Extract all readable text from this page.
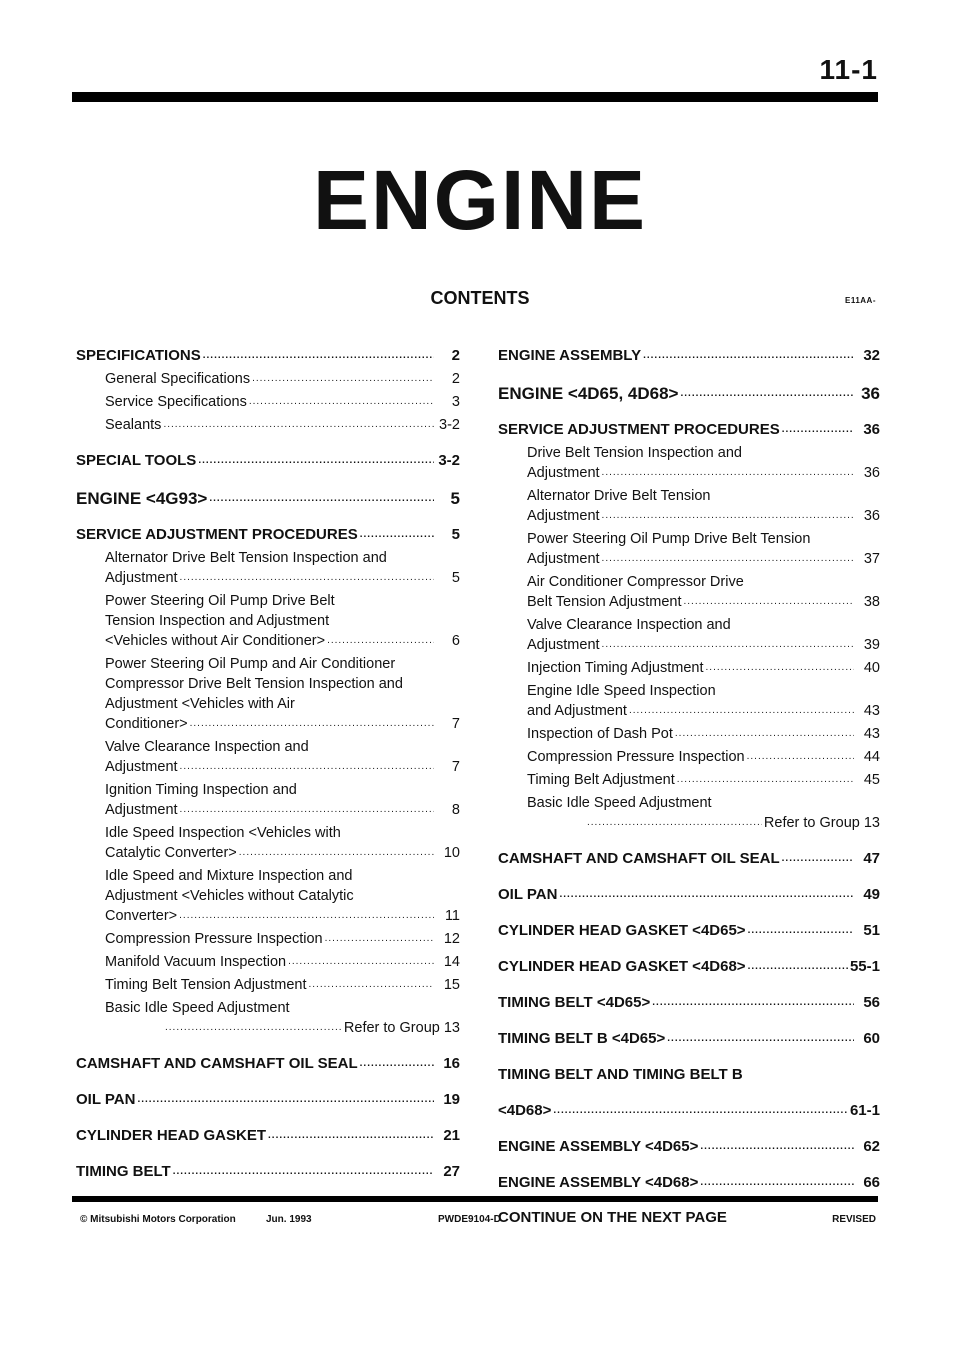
11-1
ENGINE
CONTENTS	E11AA-
SPECIFICATIONS .....	2
General Specifications .....	2
Service Specifications .....	3
Sealants .....	3-2
SPECIAL TOOLS .....	3-2
ENGINE <4G93> .....	5
SERVICE ADJUSTMENT PROCEDURES .....	5
Alternator Drive Belt Tension Inspection and
Adjustment .....	5
Power Steering Oil Pump Drive Belt
Tension Inspection and Adjustment
<Vehicles without Air Conditioner> .....	6
Power Steering Oil Pump and Air Conditioner
Compressor Drive Belt Tension Inspection and
Adjustment <Vehicles with Air
Conditioner> .....	7
Valve Clearance Inspection and
Adjustment .....	7
Ignition Timing Inspection and
Adjustment .....	8
Idle Speed Inspection <Vehicles with
Catalytic Converter> .....	10
Idle Speed and Mixture Inspection and
Adjustment <Vehicles without Catalytic
Converter> .....	11
Compression Pressure Inspection .....	12
Manifold Vacuum Inspection .....	14
Timing Belt Tension Adjustment .....	15
Basic Idle Speed Adjustment
.....
Refer to Group 13
CAMSHAFT AND CAMSHAFT OIL SEAL .....	16
OIL PAN .....	19
CYLINDER HEAD GASKET .....	21
TIMING BELT .....	27
ENGINE ASSEMBLY .....	32
ENGINE <4D65, 4D68> .....	36
SERVICE ADJUSTMENT PROCEDURES .....	36
Drive Belt Tension Inspection and
Adjustment .....	36
Alternator Drive Belt Tension
Adjustment .....	36
Power Steering Oil Pump Drive Belt Tension
Adjustment .....	37
Air Conditioner Compressor Drive
Belt Tension Adjustment .....	38
Valve Clearance Inspection and
Adjustment .....	39
Injection Timing Adjustment .....	40
Engine Idle Speed Inspection
and Adjustment .....	43
Inspection of Dash Pot .....	43
Compression Pressure Inspection .....	44
Timing Belt Adjustment .....	45
Basic Idle Speed Adjustment
.....
Refer to Group 13
CAMSHAFT AND CAMSHAFT OIL SEAL .....	47
OIL PAN .....	49
CYLINDER HEAD GASKET <4D65> .....	51
CYLINDER HEAD GASKET <4D68> .....	55-1
TIMING BELT <4D65> .....	56
TIMING BELT B <4D65> .....	60
TIMING BELT AND TIMING BELT B
<4D68> .....	61-1
ENGINE ASSEMBLY <4D65> .....	62
ENGINE ASSEMBLY <4D68> .....	66
CONTINUE ON THE NEXT PAGE
© Mitsubishi Motors Corporation	Jun. 1993	PWDE9104-D	REVISED
